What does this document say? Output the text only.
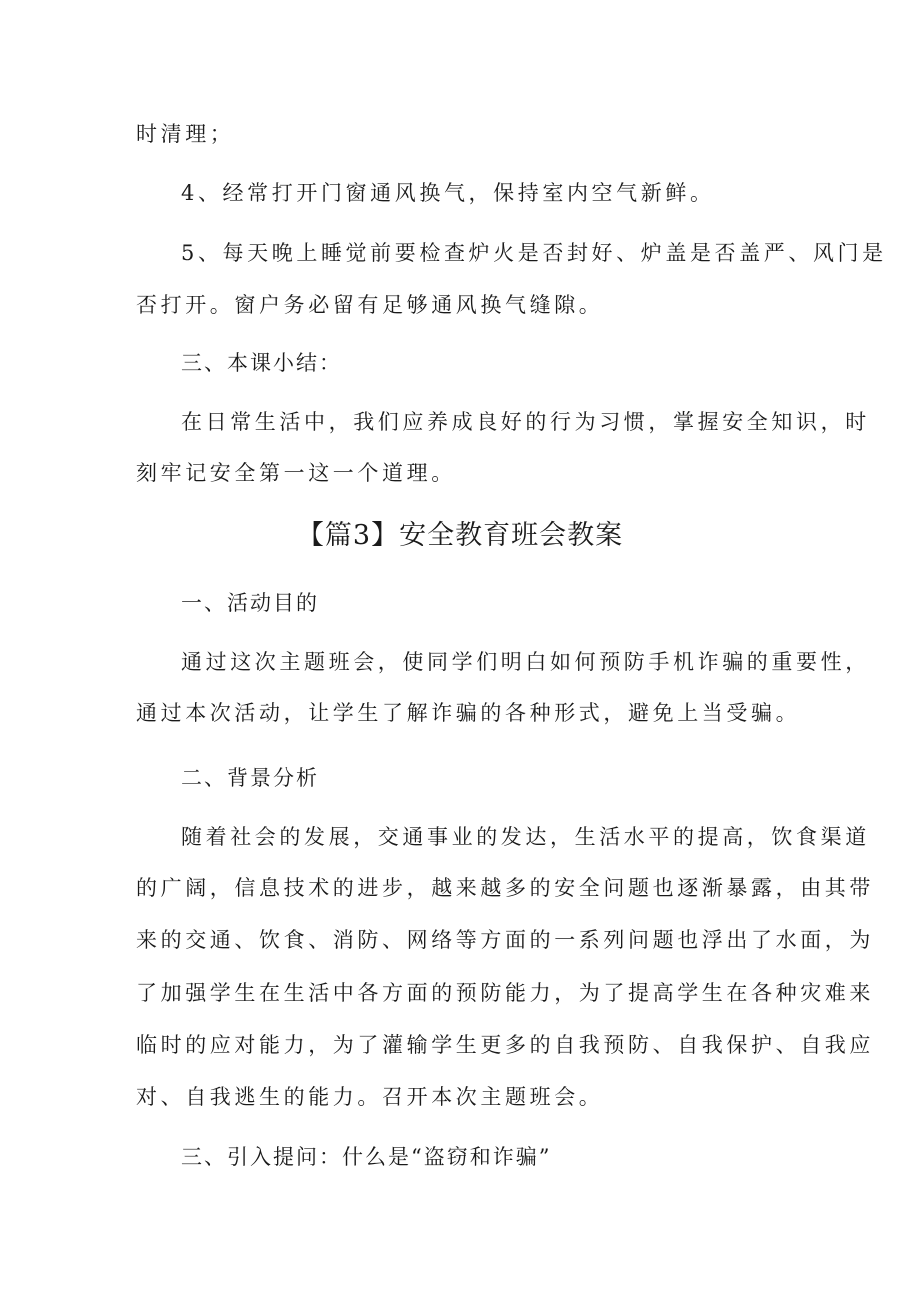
时清理；
4、经常打开门窗通风换气，保持室内空气新鲜。
5、每天晚上睡觉前要检查炉火是否封好、炉盖是否盖严、风门是
否打开。窗户务必留有足够通风换气缝隙。
三、本课小结：
在日常生活中，我们应养成良好的行为习惯，掌握安全知识，时
刻牢记安全第一这一个道理。
【篇3】安全教育班会教案
一、活动目的
通过这次主题班会，使同学们明白如何预防手机诈骗的重要性，
通过本次活动，让学生了解诈骗的各种形式，避免上当受骗。
二、背景分析
随着社会的发展，交通事业的发达，生活水平的提高，饮食渠道
的广阔，信息技术的进步，越来越多的安全问题也逐渐暴露，由其带
来的交通、饮食、消防、网络等方面的一系列问题也浮出了水面，为
了加强学生在生活中各方面的预防能力，为了提高学生在各种灾难来
临时的应对能力，为了灌输学生更多的自我预防、自我保护、自我应
对、自我逃生的能力。召开本次主题班会。
三、引入提问：什么是“盗窃和诈骗”
